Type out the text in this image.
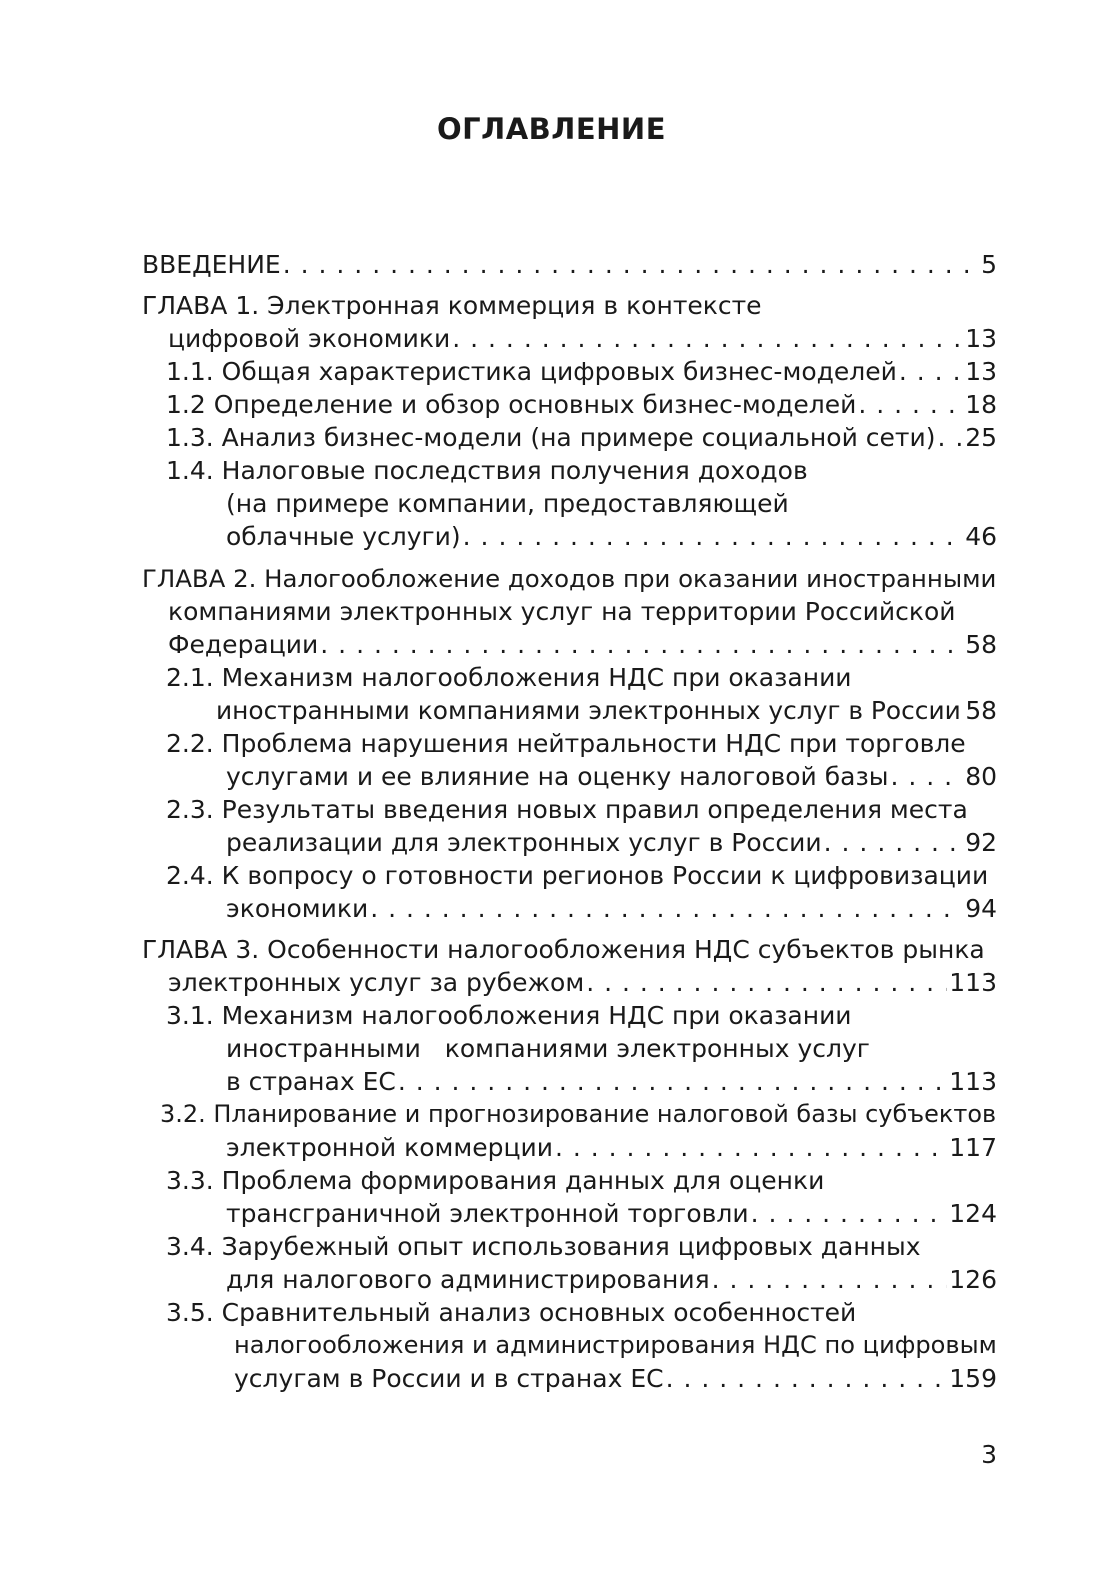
ОГЛАВЛЕНИЕ
ВВЕДЕНИЕ . . .	5
ГЛАВА 1. Электронная коммерция в контексте
цифровой экономики . . .	13
1.1. Общая характеристика цифровых бизнес-моделей . . .	13
1.2 Определение и обзор основных бизнес-моделей . . .	18
1.3. Анализ бизнес-модели (на примере социальной сети) . . . 25
1.4. Налоговые последствия получения доходов
(на примере компании, предоставляющей
облачные услуги) . . .	46
ГЛАВА 2. Налогообложение доходов при оказании иностранными
компаниями электронных услуг на территории Российской
Федерации . . .	58
2.1. Механизм налогообложения НДС при оказании
иностранными компаниями электронных услуг в России . . . 58
2.2. Проблема нарушения нейтральности НДС при торговле
услугами и ее влияние на оценку налоговой базы . . .	80
2.3. Результаты введения новых правил определения места
реализации для электронных услуг в России . . .	92
2.4. К вопросу о готовности регионов России к цифровизации
экономики . . .	94
ГЛАВА 3. Особенности налогообложения НДС субъектов рынка
электронных услуг за рубежом . . .	113
3.1. Механизм налогообложения НДС при оказании
иностранными   компаниями электронных услуг
в странах ЕС . . .	113
3.2. Планирование и прогнозирование налоговой базы субъектов
электронной коммерции . . .	117
3.3. Проблема формирования данных для оценки
трансграничной электронной торговли . . .	124
3.4. Зарубежный опыт использования цифровых данных
для налогового администрирования . . .	126
3.5. Сравнительный анализ основных особенностей
налогообложения и администрирования НДС по цифровым
услугам в России и в странах ЕС . . .	159
3
